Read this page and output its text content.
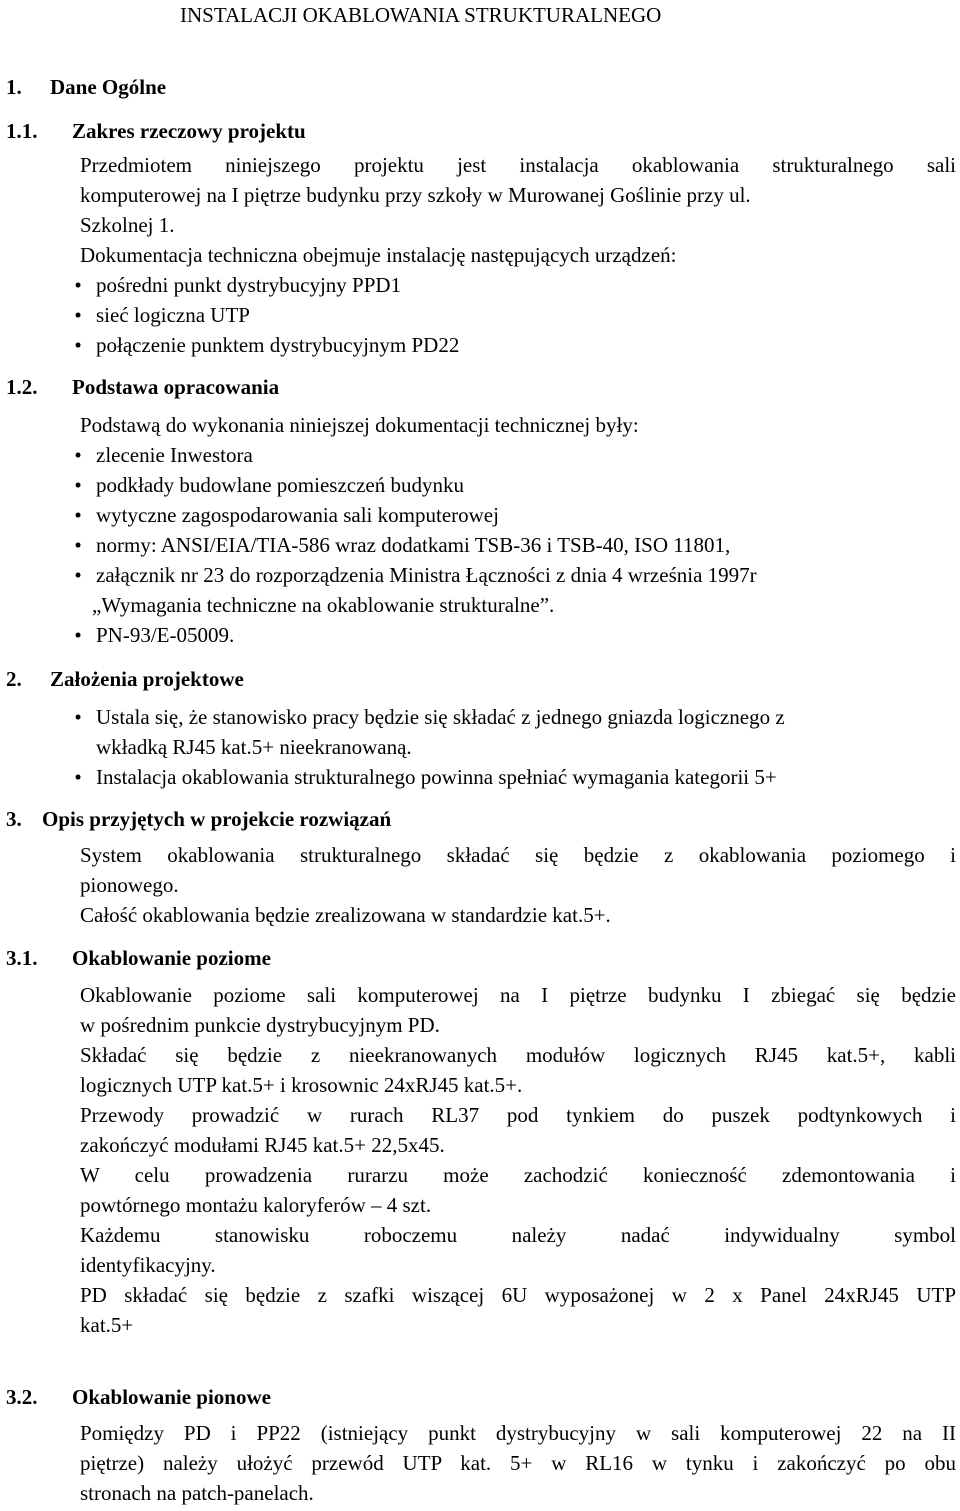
INSTALACJI OKABLOWANIA STRUKTURALNEGO
1. Dane Ogólne
1.1. Zakres rzeczowy projektu
Przedmiotem niniejszego projektu jest instalacja okablowania strukturalnego sali
komputerowej na I piętrze budynku przy szkoły w Murowanej Goślinie przy ul.
Szkolnej 1.
Dokumentacja techniczna obejmuje instalację następujących urządzeń:
• pośredni punkt dystrybucyjny PPD1
• sieć logiczna UTP
• połączenie punktem dystrybucyjnym PD22
1.2. Podstawa opracowania
Podstawą do wykonania niniejszej dokumentacji technicznej były:
• zlecenie Inwestora
• podkłady budowlane pomieszczeń budynku
• wytyczne zagospodarowania sali komputerowej
• normy: ANSI/EIA/TIA-586 wraz dodatkami TSB-36 i TSB-40, ISO 11801,
• załącznik nr 23 do rozporządzenia Ministra Łączności z dnia 4 września 1997r
„Wymagania techniczne na okablowanie strukturalne”.
• PN-93/E-05009.
2. Założenia projektowe
• Ustala się, że stanowisko pracy będzie się składać z jednego gniazda logicznego z
wkładką RJ45 kat.5+ nieekranowaną.
• Instalacja okablowania strukturalnego powinna spełniać wymagania kategorii 5+
3. Opis przyjętych w projekcie rozwiązań
System okablowania strukturalnego składać się będzie z okablowania poziomego i
pionowego.
Całość okablowania będzie zrealizowana w standardzie kat.5+.
3.1. Okablowanie poziome
Okablowanie poziome sali komputerowej na I piętrze budynku I zbiegać się będzie
w pośrednim punkcie dystrybucyjnym PD.
Składać się będzie z nieekranowanych modułów logicznych RJ45 kat.5+, kabli
logicznych UTP kat.5+ i krosownic 24xRJ45 kat.5+.
Przewody prowadzić w rurach RL37 pod tynkiem do puszek podtynkowych i
zakończyć modułami RJ45 kat.5+ 22,5x45.
W celu prowadzenia rurarzu może zachodzić konieczność zdemontowania i
powtórnego montażu kaloryferów – 4 szt.
Każdemu stanowisku roboczemu należy nadać indywidualny symbol
identyfikacyjny.
PD składać się będzie z szafki wiszącej 6U wyposażonej w 2 x Panel 24xRJ45 UTP
kat.5+
3.2. Okablowanie pionowe
Pomiędzy PD i PP22 (istniejący punkt dystrybucyjny w sali komputerowej 22 na II
piętrze) należy ułożyć przewód UTP kat. 5+ w RL16 w tynku i zakończyć po obu
stronach na patch-panelach.
